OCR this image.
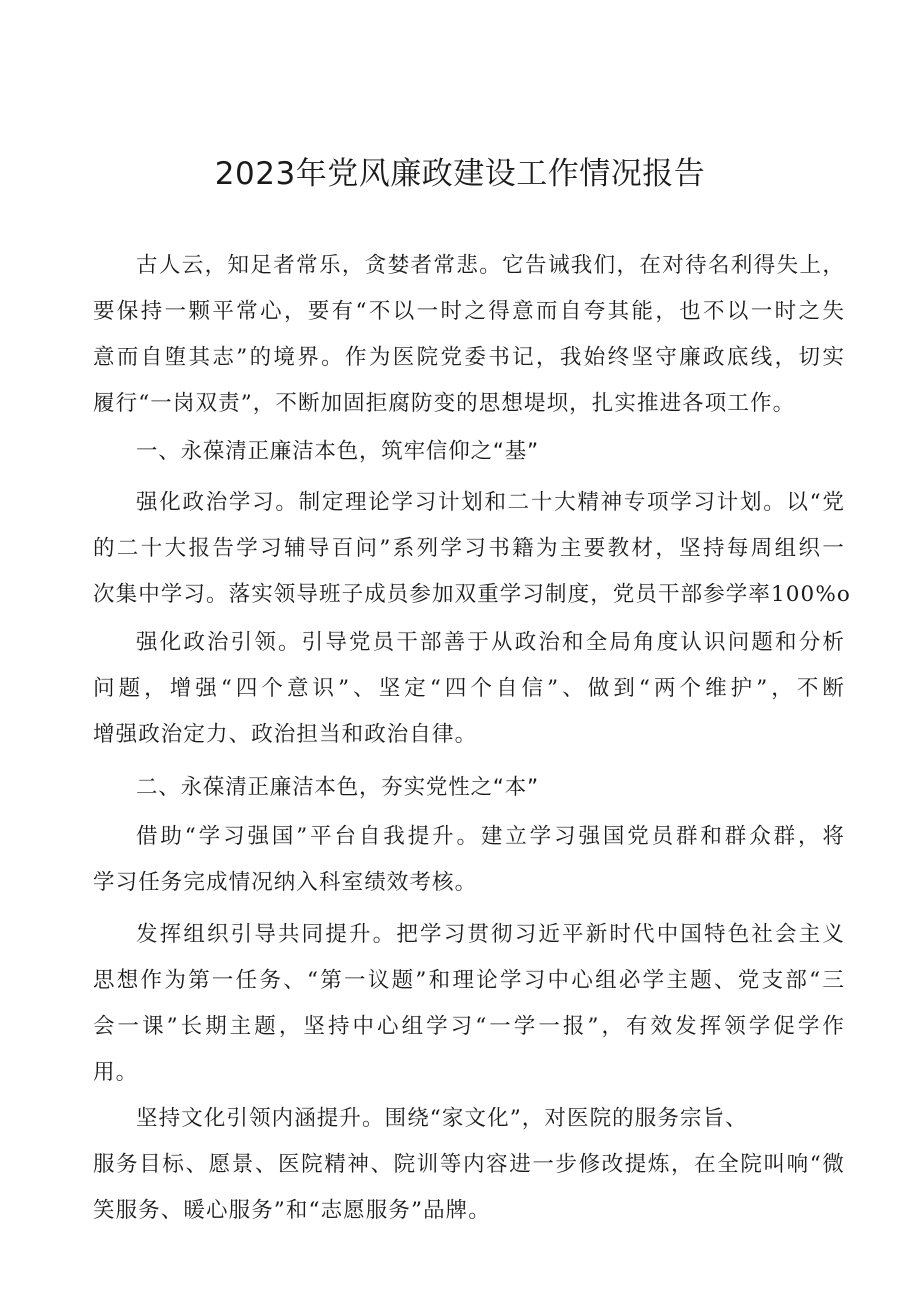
2023年党风廉政建设工作情况报告
古人云，知足者常乐，贪婪者常悲。它告诫我们，在对待名利得失上，
要保持一颗平常心，要有“不以一时之得意而自夸其能，也不以一时之失
意而自堕其志”的境界。作为医院党委书记，我始终坚守廉政底线，切实
履行“一岗双责”，不断加固拒腐防变的思想堤坝，扎实推进各项工作。
一、永葆清正廉洁本色，筑牢信仰之“基”
强化政治学习。制定理论学习计划和二十大精神专项学习计划。以“党
的二十大报告学习辅导百问”系列学习书籍为主要教材，坚持每周组织一
次集中学习。落实领导班子成员参加双重学习制度，党员干部参学率100%o
强化政治引领。引导党员干部善于从政治和全局角度认识问题和分析
问题，增强“四个意识”、坚定“四个自信”、做到“两个维护”，不断
增强政治定力、政治担当和政治自律。
二、永葆清正廉洁本色，夯实党性之“本”
借助“学习强国”平台自我提升。建立学习强国党员群和群众群，将
学习任务完成情况纳入科室绩效考核。
发挥组织引导共同提升。把学习贯彻习近平新时代中国特色社会主义
思想作为第一任务、“第一议题”和理论学习中心组必学主题、党支部“三
会一课”长期主题，坚持中心组学习“一学一报”，有效发挥领学促学作
用。
坚持文化引领内涵提升。围绕“家文化”，对医院的服务宗旨、
服务目标、愿景、医院精神、院训等内容进一步修改提炼，在全院叫响“微
笑服务、暖心服务”和“志愿服务”品牌。
